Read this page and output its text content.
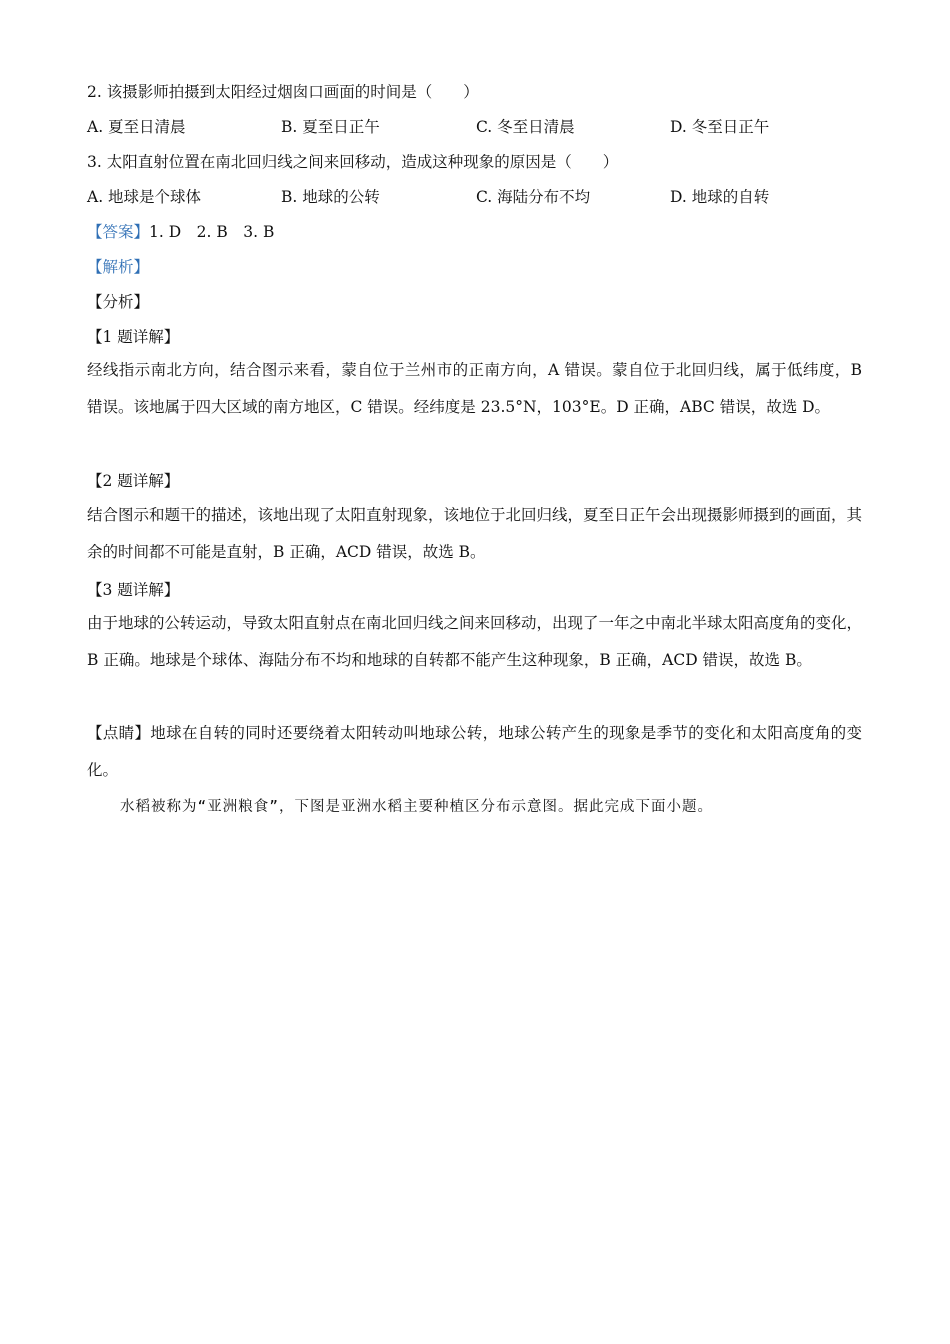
2. 该摄影师拍摄到太阳经过烟囱口画面的时间是（　　）
A. 夏至日清晨	B. 夏至日正午	C. 冬至日清晨	D. 冬至日正午
3. 太阳直射位置在南北回归线之间来回移动，造成这种现象的原因是（　　）
A. 地球是个球体	B. 地球的公转	C. 海陆分布不均	D. 地球的自转
【答案】1. D　2. B　3. B
【解析】
【分析】
【1 题详解】
经线指示南北方向，结合图示来看，蒙自位于兰州市的正南方向，A 错误。蒙自位于北回归线，属于低纬度，B 错误。该地属于四大区域的南方地区，C 错误。经纬度是 23.5°N，103°E。D 正确，ABC 错误，故选 D。
【2 题详解】
结合图示和题干的描述，该地出现了太阳直射现象，该地位于北回归线，夏至日正午会出现摄影师摄到的画面，其余的时间都不可能是直射，B 正确，ACD 错误，故选 B。
【3 题详解】
由于地球的公转运动，导致太阳直射点在南北回归线之间来回移动，出现了一年之中南北半球太阳高度角的变化，B 正确。地球是个球体、海陆分布不均和地球的自转都不能产生这种现象，B 正确，ACD 错误，故选 B。
【点睛】地球在自转的同时还要绕着太阳转动叫地球公转，地球公转产生的现象是季节的变化和太阳高度角的变化。
水稻被称为“亚洲粮食”，下图是亚洲水稻主要种植区分布示意图。据此完成下面小题。
